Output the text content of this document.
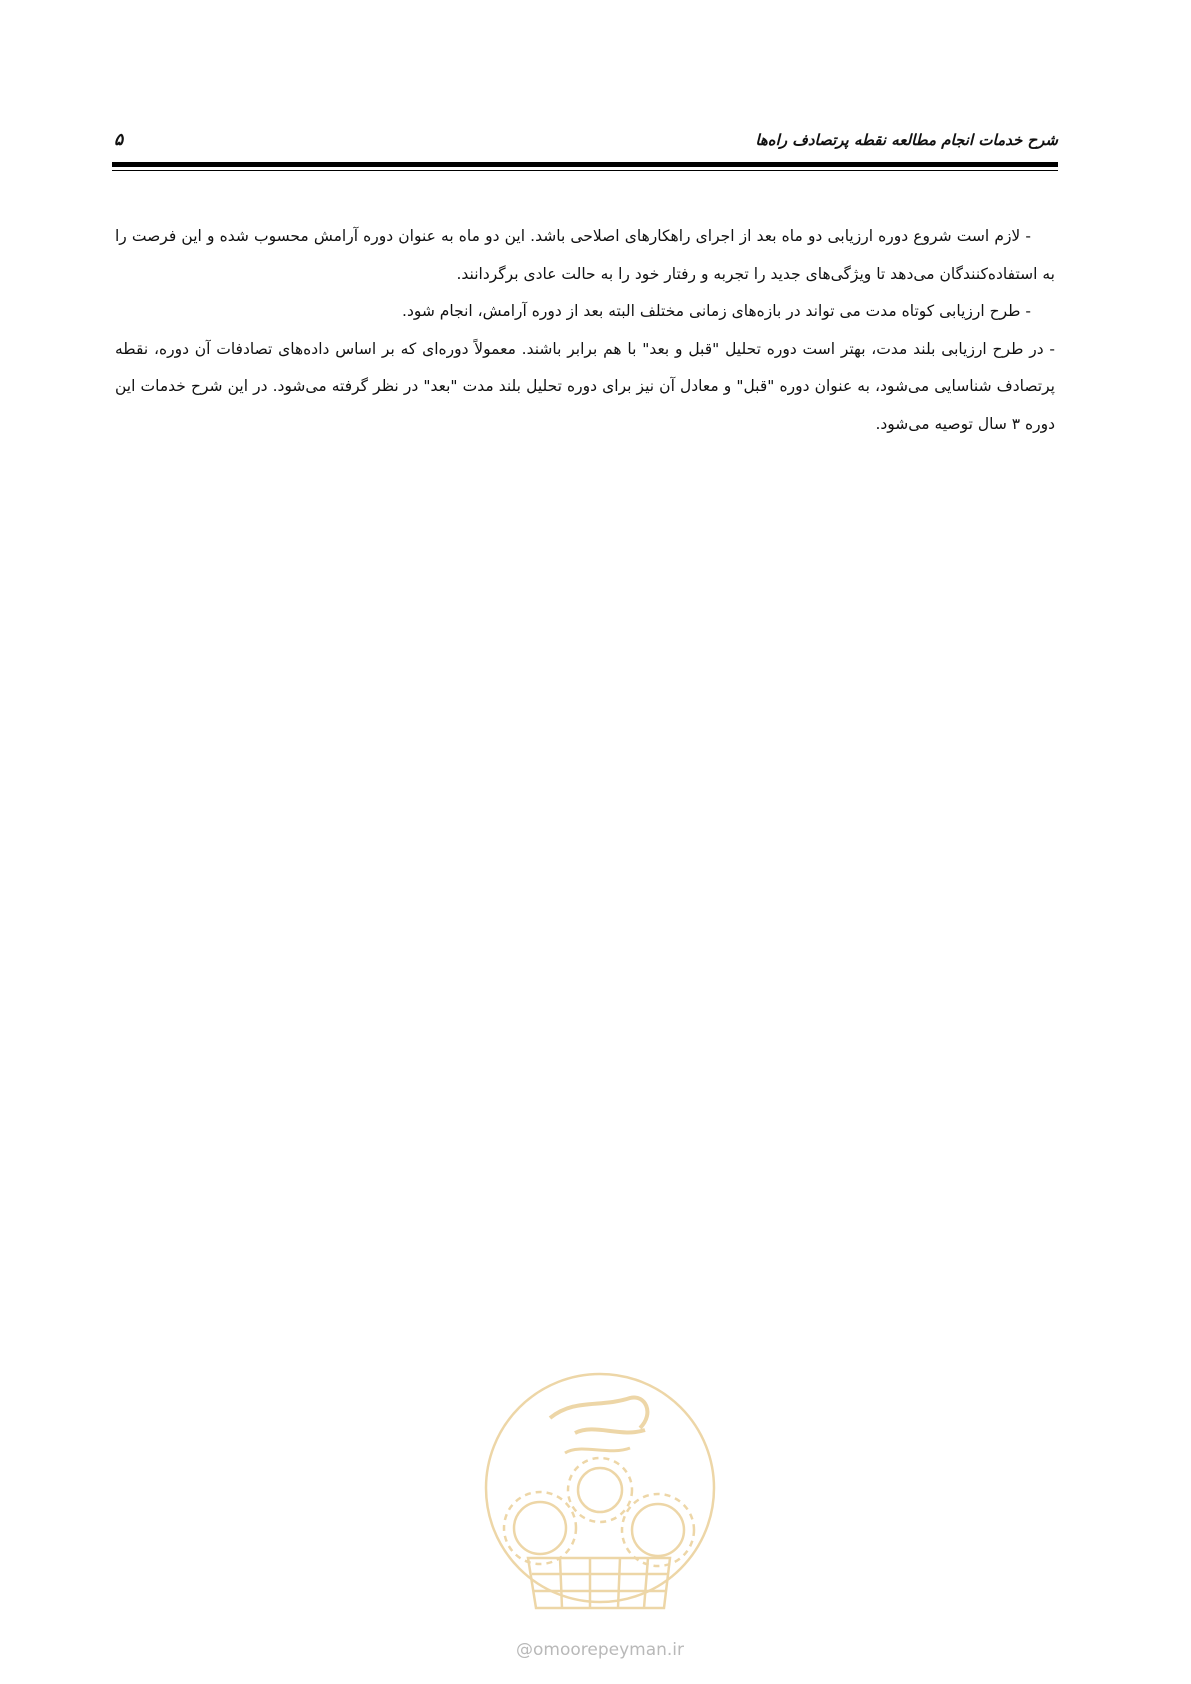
شرح خدمات انجام مطالعه نقطه پرتصادف راه‌ها
۵

- لازم است شروع دوره ارزیابی دو ماه بعد از اجرای راهکارهای اصلاحی باشد. این دو ماه به عنوان دوره آرامش محسوب شده و این فرصت را به استفاده‌کنندگان می‌دهد تا ویژگی‌های جدید را تجربه و رفتار خود را به حالت عادی برگردانند.

- طرح ارزیابی کوتاه مدت می تواند در بازه‌های زمانی مختلف البته بعد از دوره آرامش، انجام شود.

- در طرح ارزیابی بلند مدت، بهتر است دوره تحلیل "قبل و بعد" با هم برابر باشند. معمولاً دوره‌ای که بر اساس داده‌های تصادفات آن دوره، نقطه پرتصادف شناسایی می‌شود، به عنوان دوره "قبل" و معادل آن نیز برای دوره تحلیل بلند مدت "بعد" در نظر گرفته می‌شود. در این شرح خدمات این دوره ۳ سال توصیه می‌شود.

امور پیمان
@omoorepeyman.ir
